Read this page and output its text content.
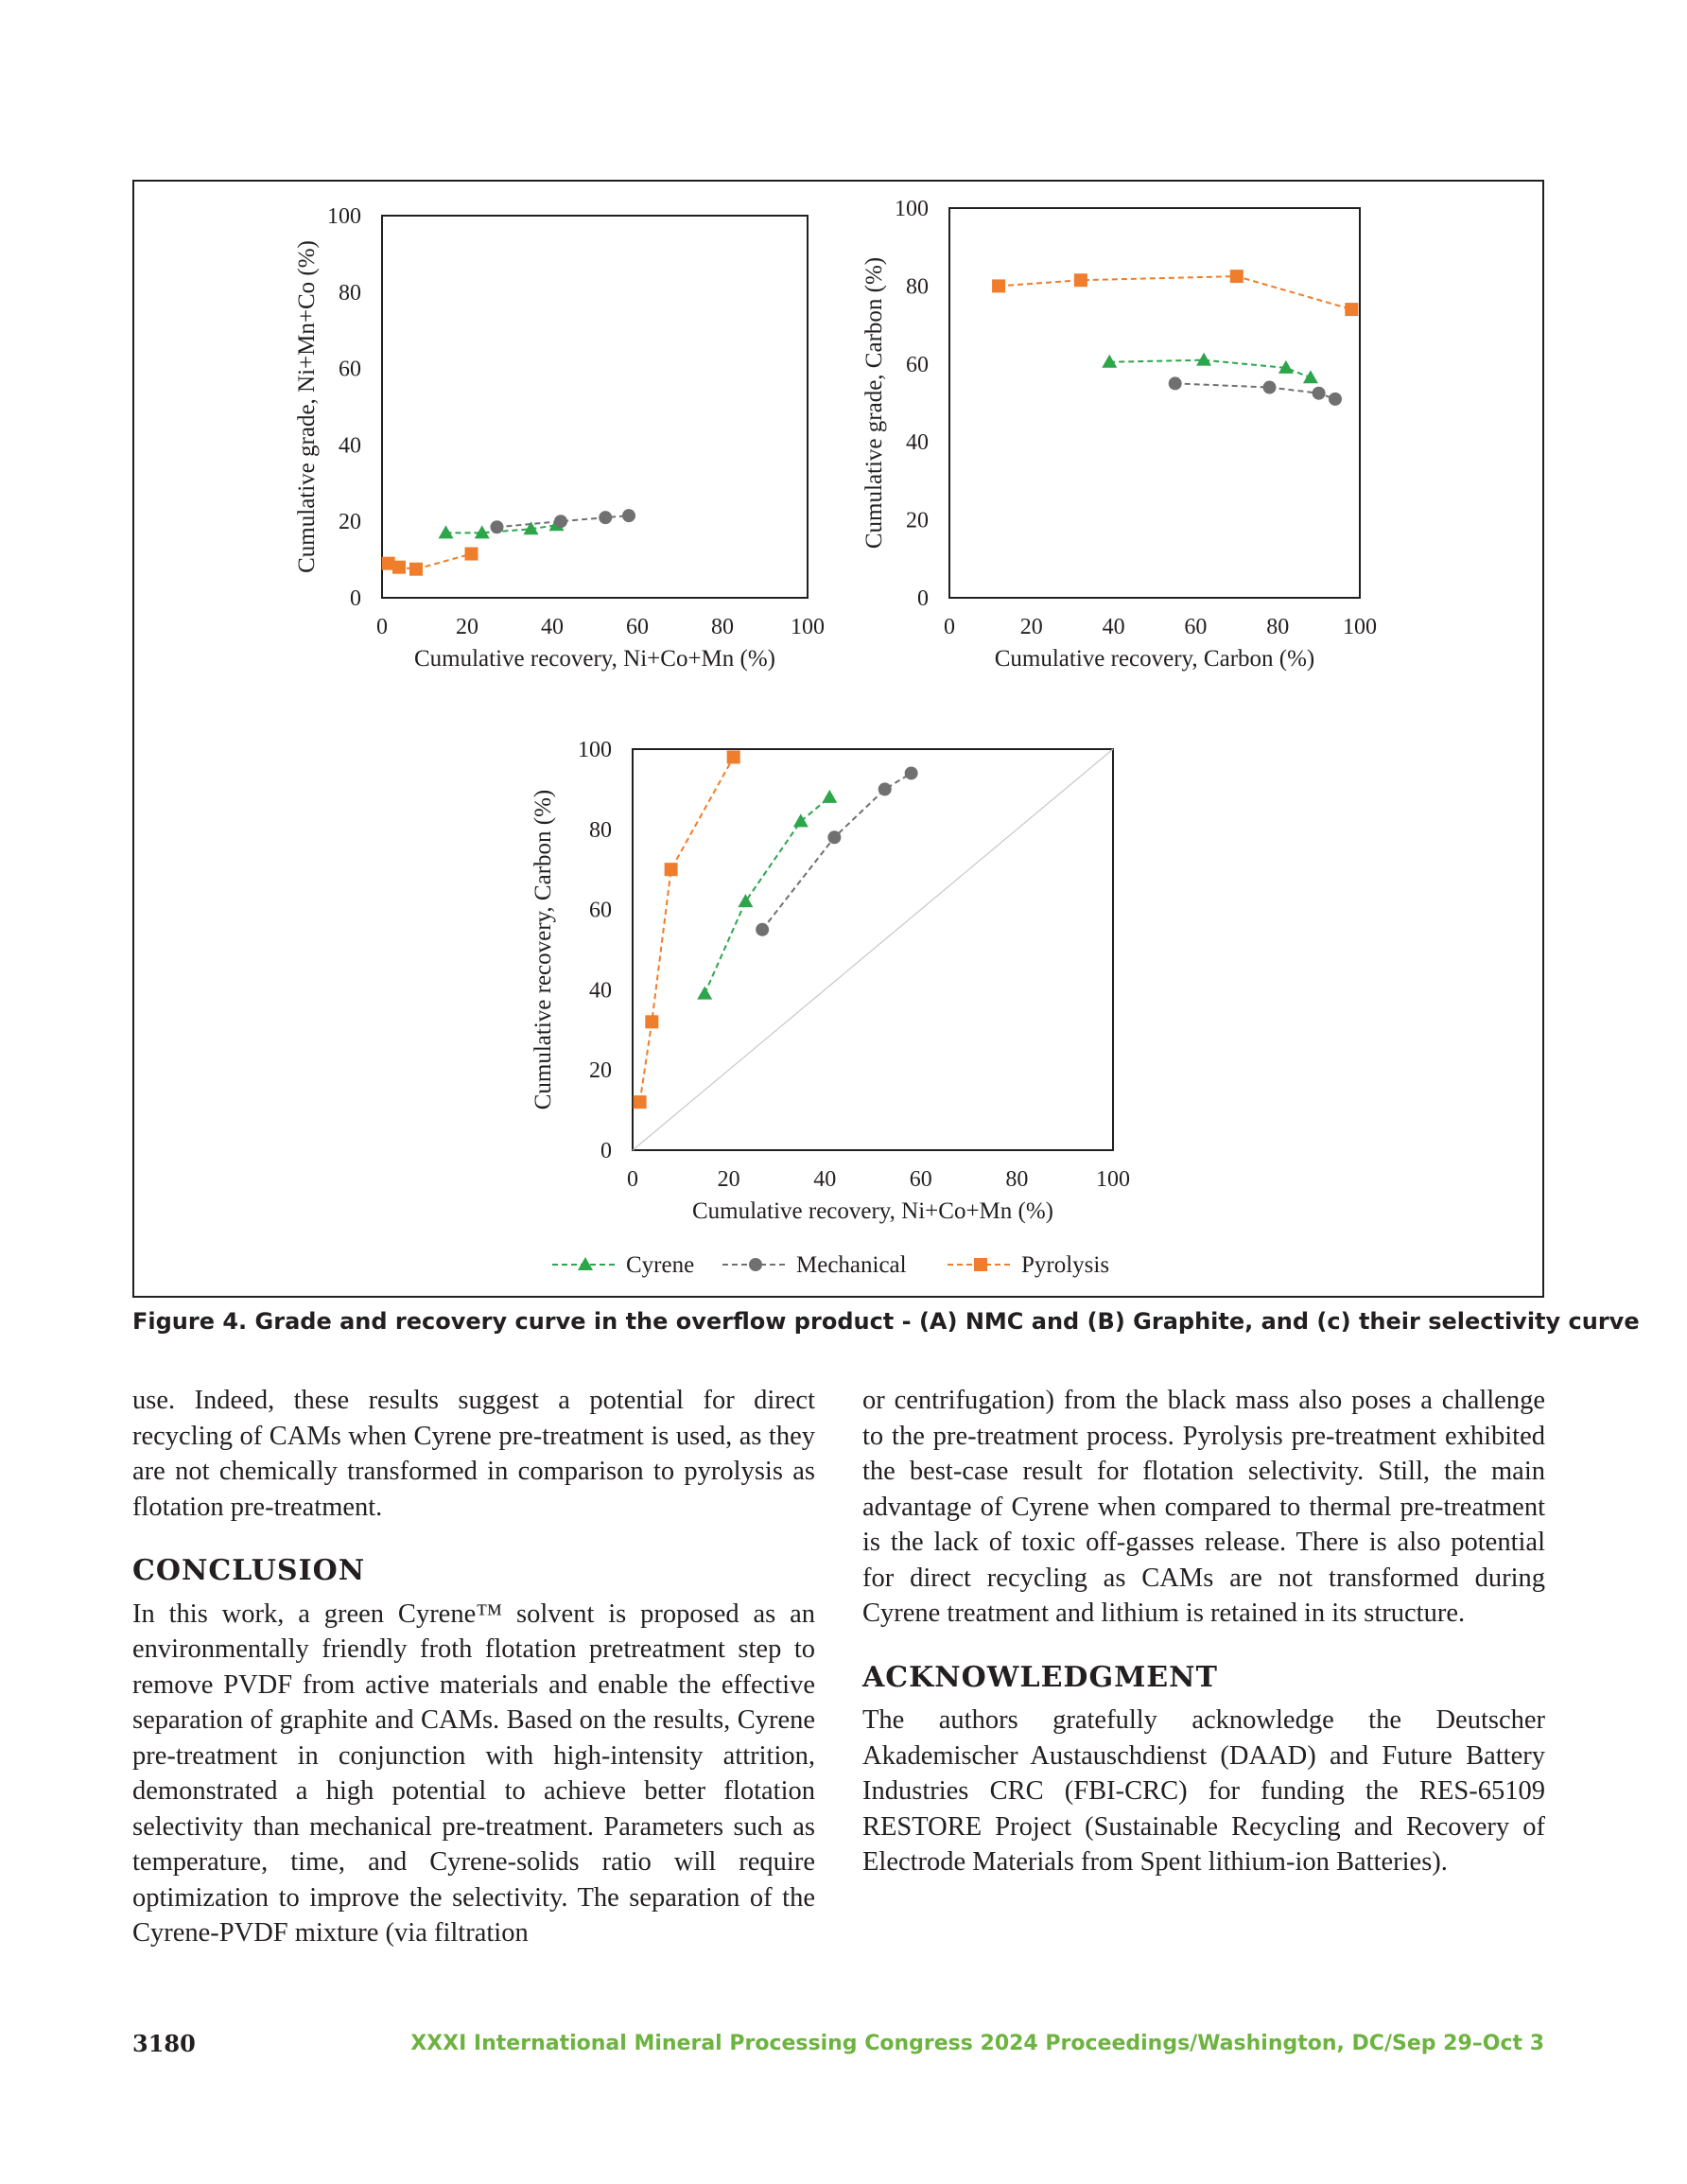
0	20	40	60	80	100
0
20
40
60
80
100
Cumulative recovery, Ni+Co+Mn (%)
Cumulative grade, Ni+Mn+Co (%)
0	20	40	60	80 100
0
20
40
60
80
100
Cumulative recovery, Carbon (%)
Cumulative grade, Carbon (%)
0	20	40	60	80	100
0
20
40
60
80
100
Cumulative recovery, Ni+Co+Mn (%)
Cumulative recovery, Carbon (%)
Cyrene	Mechanical	Pyrolysis
Figure 4. Grade and recovery curve in the overflow product - (A) NMC and (B) Graphite, and (c) their selectivity curve

use. Indeed, these results suggest a potential for direct recycling of CAMs when Cyrene pre-treatment is used, as they are not chemically transformed in comparison to pyrolysis as flotation pre-treatment.

CONCLUSION

In this work, a green Cyrene™ solvent is proposed as an environmentally friendly froth flotation pretreatment step to remove PVDF from active materials and enable the effective separation of graphite and CAMs. Based on the results, Cyrene pre-treatment in conjunction with high-intensity attrition, demonstrated a high potential to achieve better flotation selectivity than mechanical pre-treatment. Parameters such as temperature, time, and Cyrene-solids ratio will require optimization to improve the selectivity. The separation of the Cyrene-PVDF mixture (via filtration

or centrifugation) from the black mass also poses a challenge to the pre-treatment process. Pyrolysis pre-treatment exhibited the best-case result for flotation selectivity. Still, the main advantage of Cyrene when compared to thermal pre-treatment is the lack of toxic off-gasses release. There is also potential for direct recycling as CAMs are not transformed during Cyrene treatment and lithium is retained in its structure.

ACKNOWLEDGMENT

The authors gratefully acknowledge the Deutscher Akademischer Austauschdienst (DAAD) and Future Battery Industries CRC (FBI-CRC) for funding the RES-65109 RESTORE Project (Sustainable Recycling and Recovery of Electrode Materials from Spent lithium-ion Batteries).

3180	XXXI International Mineral Processing Congress 2024 Proceedings/Washington, DC/Sep 29–Oct 3
